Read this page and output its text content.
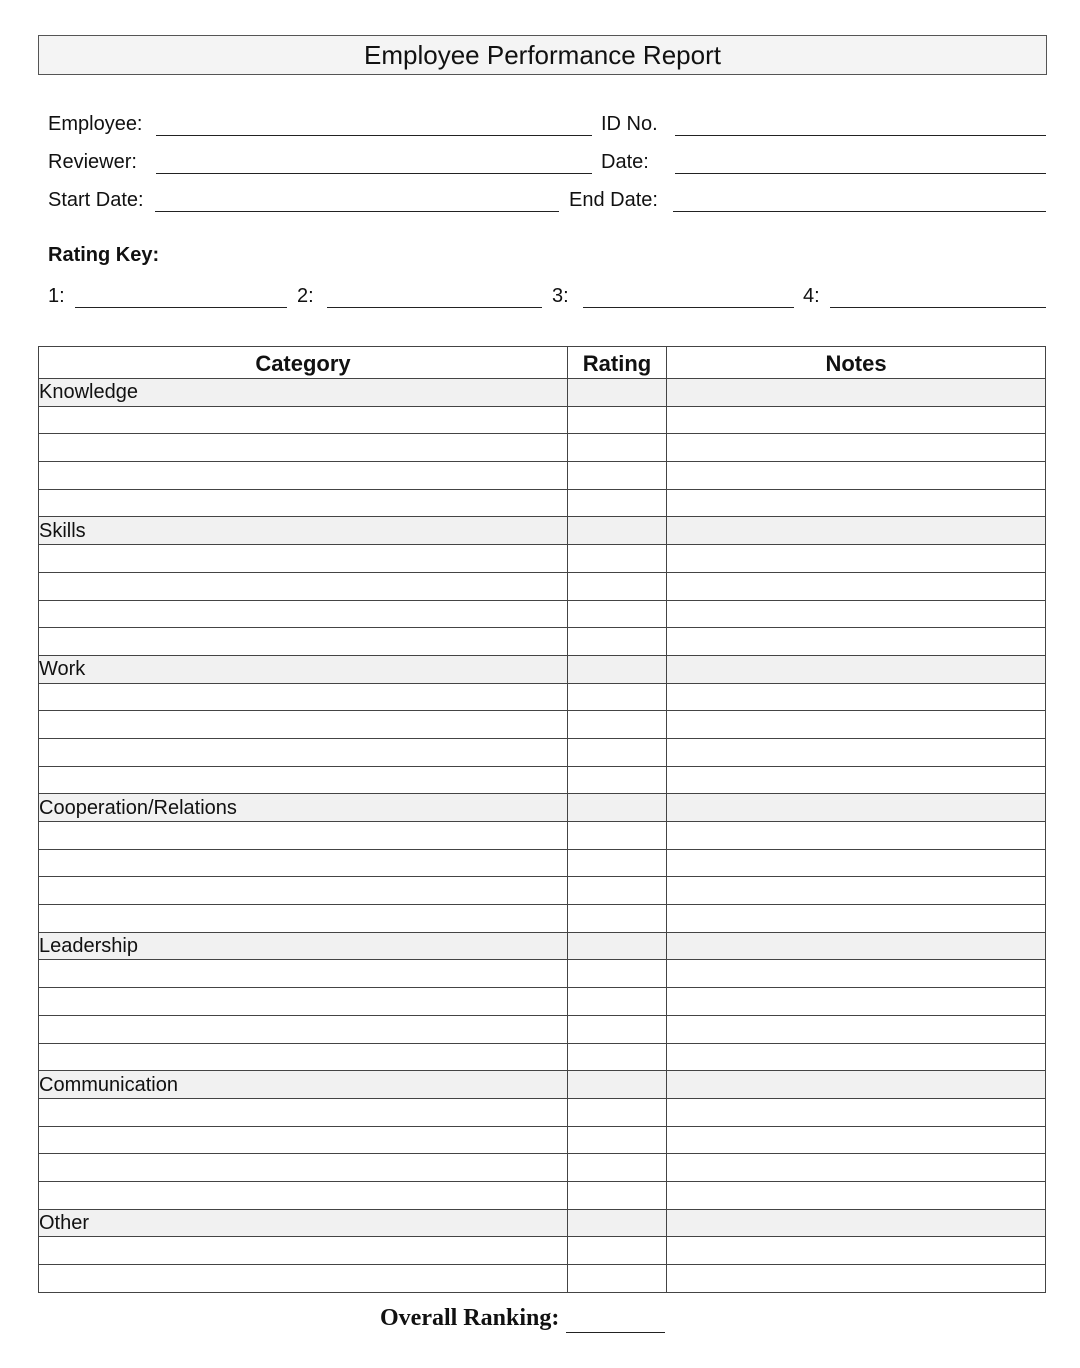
Employee Performance Report
Employee:	ID No.
Reviewer:	Date:
Start Date:	End Date:
Rating Key:
1:	2:	3:	4:
Category	Rating	Notes
Knowledge		

Skills		

Work		

Cooperation/Relations		

Leadership		

Communication		

Other		

Overall Ranking:
